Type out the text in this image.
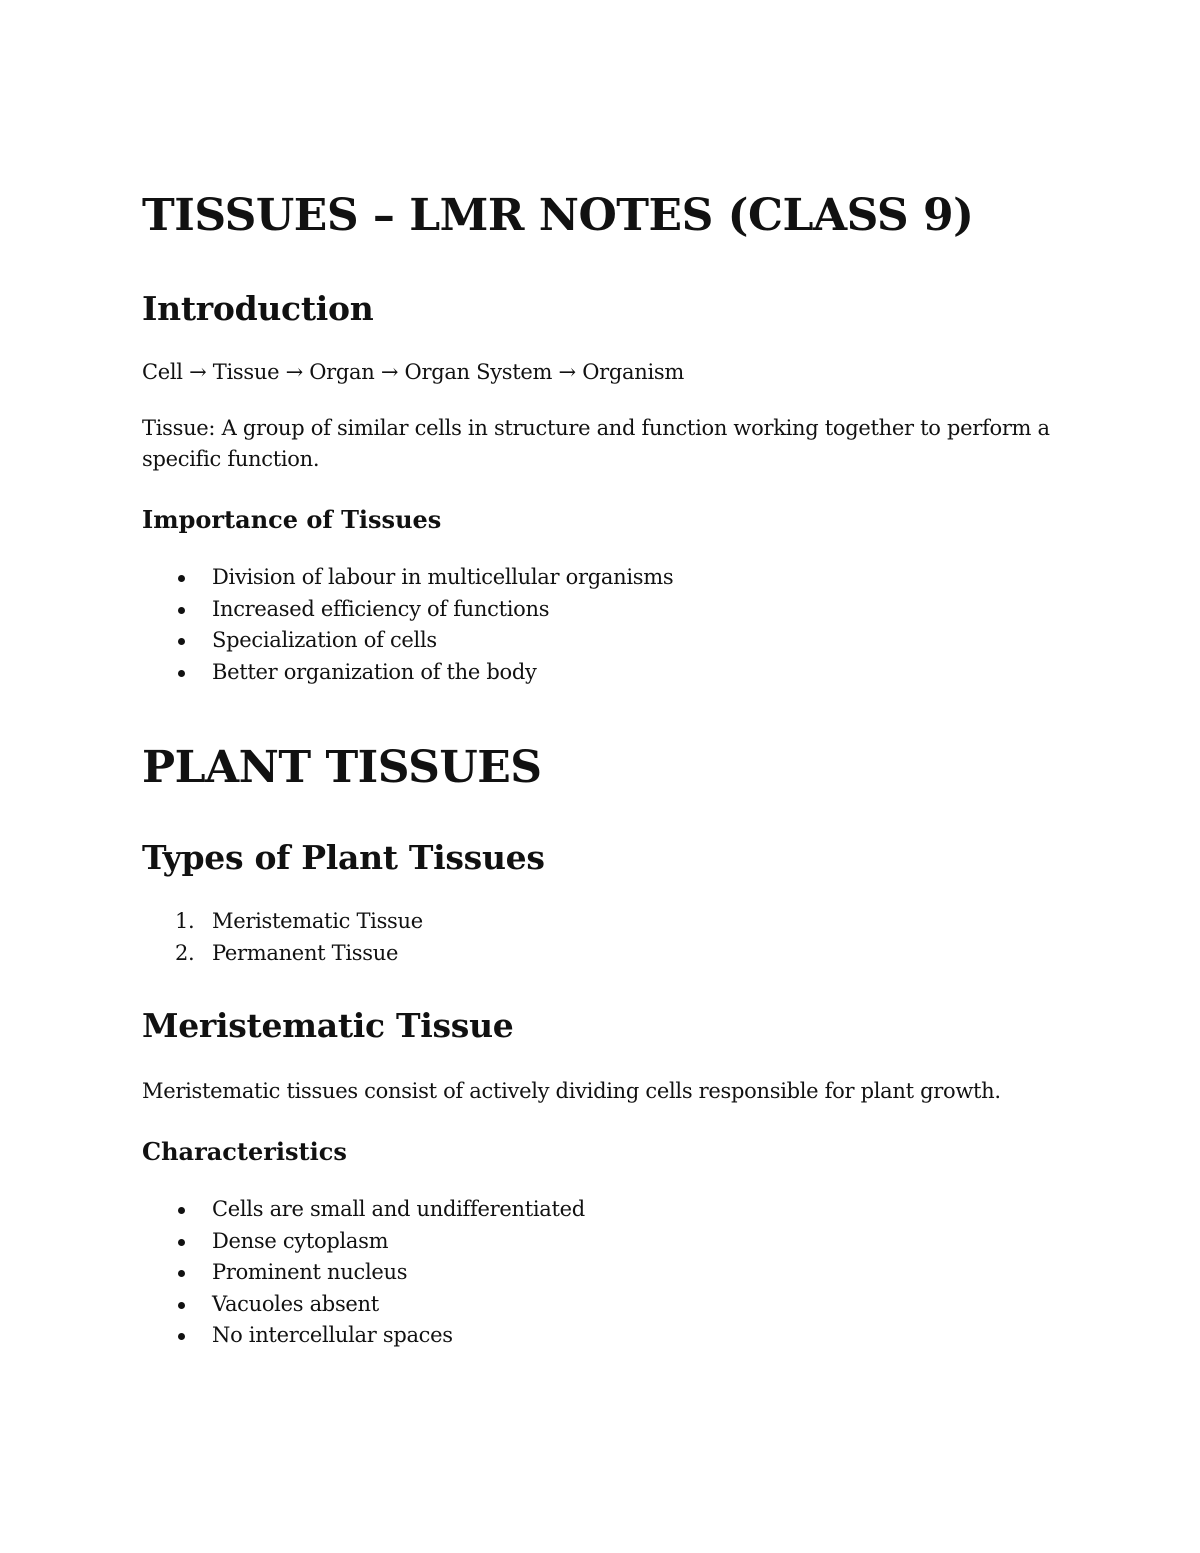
TISSUES – LMR NOTES (CLASS 9)
Introduction

Cell → Tissue → Organ → Organ System → Organism

Tissue: A group of similar cells in structure and function working together to perform a

specific function.

Importance of Tissues
Division of labour in multicellular organisms
Increased efficiency of functions
Specialization of cells
Better organization of the body
PLANT TISSUES
Types of Plant Tissues
1. Meristematic Tissue
2. Permanent Tissue
Meristematic Tissue

Meristematic tissues consist of actively dividing cells responsible for plant growth.

Characteristics
Cells are small and undifferentiated
Dense cytoplasm
Prominent nucleus
Vacuoles absent
No intercellular spaces
